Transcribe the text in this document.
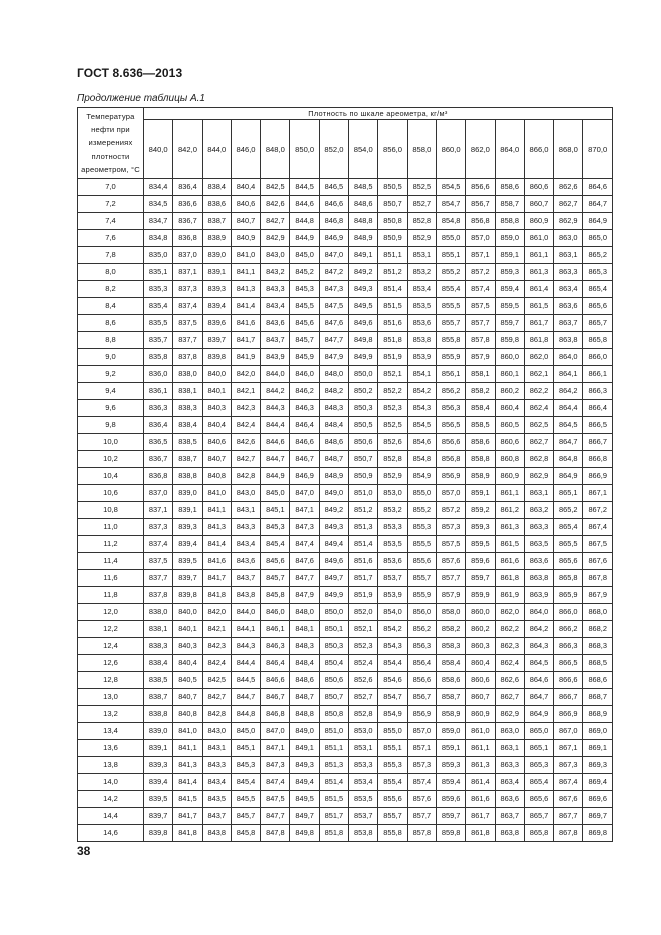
ГОСТ 8.636—2013
Продолжение таблицы А.1
Температура нефти при измерениях плотности ареометром, °С	Плотность по шкале ареометра, кг/м³															
	840,0	842,0	844,0	846,0	848,0	850,0	852,0	854,0	856,0	858,0	860,0	862,0	864,0	866,0	868,0	870,0
7,0	834,4	836,4	838,4	840,4	842,5	844,5	846,5	848,5	850,5	852,5	854,5	856,6	858,6	860,6	862,6	864,6
7,2	834,5	836,6	838,6	840,6	842,6	844,6	846,6	848,6	850,7	852,7	854,7	856,7	858,7	860,7	862,7	864,7
7,4	834,7	836,7	838,7	840,7	842,7	844,8	846,8	848,8	850,8	852,8	854,8	856,8	858,8	860,9	862,9	864,9
7,6	834,8	836,8	838,9	840,9	842,9	844,9	846,9	848,9	850,9	852,9	855,0	857,0	859,0	861,0	863,0	865,0
7,8	835,0	837,0	839,0	841,0	843,0	845,0	847,0	849,1	851,1	853,1	855,1	857,1	859,1	861,1	863,1	865,2
8,0	835,1	837,1	839,1	841,1	843,2	845,2	847,2	849,2	851,2	853,2	855,2	857,2	859,3	861,3	863,3	865,3
8,2	835,3	837,3	839,3	841,3	843,3	845,3	847,3	849,3	851,4	853,4	855,4	857,4	859,4	861,4	863,4	865,4
8,4	835,4	837,4	839,4	841,4	843,4	845,5	847,5	849,5	851,5	853,5	855,5	857,5	859,5	861,5	863,6	865,6
8,6	835,5	837,5	839,6	841,6	843,6	845,6	847,6	849,6	851,6	853,6	855,7	857,7	859,7	861,7	863,7	865,7
8,8	835,7	837,7	839,7	841,7	843,7	845,7	847,7	849,8	851,8	853,8	855,8	857,8	859,8	861,8	863,8	865,8
9,0	835,8	837,8	839,8	841,9	843,9	845,9	847,9	849,9	851,9	853,9	855,9	857,9	860,0	862,0	864,0	866,0
9,2	836,0	838,0	840,0	842,0	844,0	846,0	848,0	850,0	852,1	854,1	856,1	858,1	860,1	862,1	864,1	866,1
9,4	836,1	838,1	840,1	842,1	844,2	846,2	848,2	850,2	852,2	854,2	856,2	858,2	860,2	862,2	864,2	866,3
9,6	836,3	838,3	840,3	842,3	844,3	846,3	848,3	850,3	852,3	854,3	856,3	858,4	860,4	862,4	864,4	866,4
9,8	836,4	838,4	840,4	842,4	844,4	846,4	848,4	850,5	852,5	854,5	856,5	858,5	860,5	862,5	864,5	866,5
10,0	836,5	838,5	840,6	842,6	844,6	846,6	848,6	850,6	852,6	854,6	856,6	858,6	860,6	862,7	864,7	866,7
10,2	836,7	838,7	840,7	842,7	844,7	846,7	848,7	850,7	852,8	854,8	856,8	858,8	860,8	862,8	864,8	866,8
10,4	836,8	838,8	840,8	842,8	844,9	846,9	848,9	850,9	852,9	854,9	856,9	858,9	860,9	862,9	864,9	866,9
10,6	837,0	839,0	841,0	843,0	845,0	847,0	849,0	851,0	853,0	855,0	857,0	859,1	861,1	863,1	865,1	867,1
10,8	837,1	839,1	841,1	843,1	845,1	847,1	849,2	851,2	853,2	855,2	857,2	859,2	861,2	863,2	865,2	867,2
11,0	837,3	839,3	841,3	843,3	845,3	847,3	849,3	851,3	853,3	855,3	857,3	859,3	861,3	863,3	865,4	867,4
11,2	837,4	839,4	841,4	843,4	845,4	847,4	849,4	851,4	853,5	855,5	857,5	859,5	861,5	863,5	865,5	867,5
11,4	837,5	839,5	841,6	843,6	845,6	847,6	849,6	851,6	853,6	855,6	857,6	859,6	861,6	863,6	865,6	867,6
11,6	837,7	839,7	841,7	843,7	845,7	847,7	849,7	851,7	853,7	855,7	857,7	859,7	861,8	863,8	865,8	867,8
11,8	837,8	839,8	841,8	843,8	845,8	847,9	849,9	851,9	853,9	855,9	857,9	859,9	861,9	863,9	865,9	867,9
12,0	838,0	840,0	842,0	844,0	846,0	848,0	850,0	852,0	854,0	856,0	858,0	860,0	862,0	864,0	866,0	868,0
12,2	838,1	840,1	842,1	844,1	846,1	848,1	850,1	852,1	854,2	856,2	858,2	860,2	862,2	864,2	866,2	868,2
12,4	838,3	840,3	842,3	844,3	846,3	848,3	850,3	852,3	854,3	856,3	858,3	860,3	862,3	864,3	866,3	868,3
12,6	838,4	840,4	842,4	844,4	846,4	848,4	850,4	852,4	854,4	856,4	858,4	860,4	862,4	864,5	866,5	868,5
12,8	838,5	840,5	842,5	844,5	846,6	848,6	850,6	852,6	854,6	856,6	858,6	860,6	862,6	864,6	866,6	868,6
13,0	838,7	840,7	842,7	844,7	846,7	848,7	850,7	852,7	854,7	856,7	858,7	860,7	862,7	864,7	866,7	868,7
13,2	838,8	840,8	842,8	844,8	846,8	848,8	850,8	852,8	854,9	856,9	858,9	860,9	862,9	864,9	866,9	868,9
13,4	839,0	841,0	843,0	845,0	847,0	849,0	851,0	853,0	855,0	857,0	859,0	861,0	863,0	865,0	867,0	869,0
13,6	839,1	841,1	843,1	845,1	847,1	849,1	851,1	853,1	855,1	857,1	859,1	861,1	863,1	865,1	867,1	869,1
13,8	839,3	841,3	843,3	845,3	847,3	849,3	851,3	853,3	855,3	857,3	859,3	861,3	863,3	865,3	867,3	869,3
14,0	839,4	841,4	843,4	845,4	847,4	849,4	851,4	853,4	855,4	857,4	859,4	861,4	863,4	865,4	867,4	869,4
14,2	839,5	841,5	843,5	845,5	847,5	849,5	851,5	853,5	855,6	857,6	859,6	861,6	863,6	865,6	867,6	869,6
14,4	839,7	841,7	843,7	845,7	847,7	849,7	851,7	853,7	855,7	857,7	859,7	861,7	863,7	865,7	867,7	869,7
14,6	839,8	841,8	843,8	845,8	847,8	849,8	851,8	853,8	855,8	857,8	859,8	861,8	863,8	865,8	867,8	869,8
38
